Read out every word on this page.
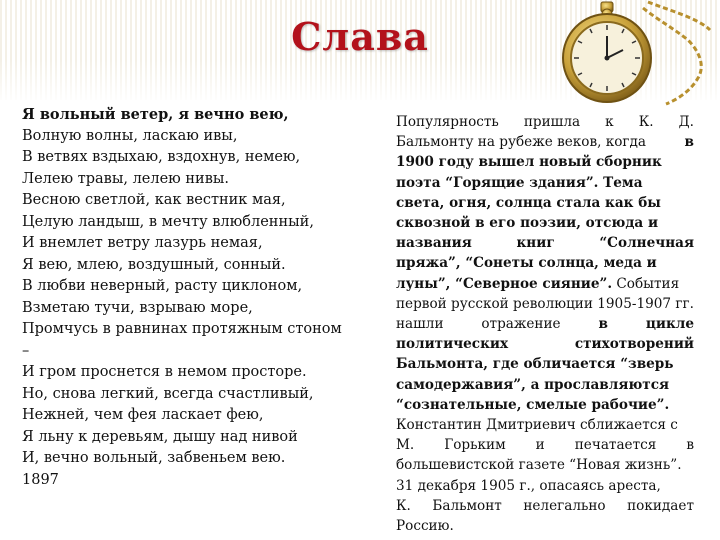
Слава
Я вольный ветер, я вечно вею,
Волную волны, ласкаю ивы,
В ветвях вздыхаю, вздохнув, немею,
Лелею травы, лелею нивы.
Весною светлой, как вестник мая,
Целую ландыш, в мечту влюбленный,
И внемлет ветру лазурь немая,
Я вею, млею, воздушный, сонный.
В любви неверный, расту циклоном,
Взметаю тучи, взрываю море,
Промчусь в равнинах протяжным стоном
–
И гром проснется в немом просторе.
Но, снова легкий, всегда счастливый,
Нежней, чем фея ласкает фею,
Я льну к деревьям, дышу над нивой
И, вечно вольный, забвеньем вею.
1897
Популярность пришла к К. Д.
Бальмонту на рубеже веков, когда	в
1900 году вышел новый сборник
поэта “Горящие здания”. Тема
света, огня, солнца стала как бы
сквозной в его поэзии, отсюда и
названия	книг	“Солнечная
пряжа”, “Сонеты солнца, меда и
луны”, “Северное сияние”. События
первой русской революции 1905-1907 гг.
нашли	отражение	в	цикле
политических	стихотворений
Бальмонта, где обличается “зверь
самодержавия”, а прославляются
“сознательные, смелые рабочие”.
Константин Дмитриевич сближается с
М. Горьким и печатается в
большевистской газете “Новая жизнь”.
31 декабря 1905 г., опасаясь ареста,
К. Бальмонт нелегально покидает
Россию.
